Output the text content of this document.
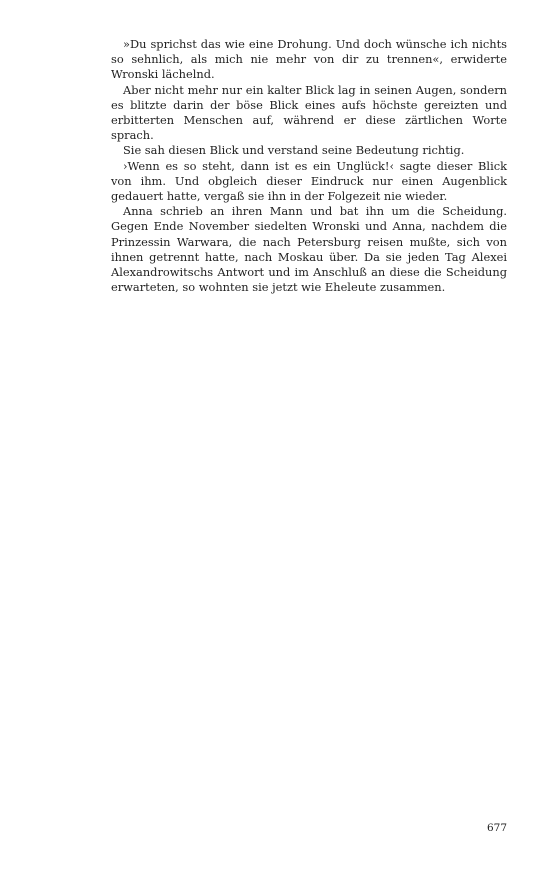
»Du sprichst das wie eine Drohung. Und doch wünsche ich nichts so sehnlich, als mich nie mehr von dir zu trennen«, erwiderte Wronski lächelnd.

Aber nicht mehr nur ein kalter Blick lag in seinen Augen, sondern es blitzte darin der böse Blick eines aufs höchste gereizten und erbitterten Menschen auf, während er diese zärtlichen Worte sprach.

Sie sah diesen Blick und verstand seine Bedeutung richtig.

›Wenn es so steht, dann ist es ein Unglück!‹ sagte dieser Blick von ihm. Und obgleich dieser Eindruck nur einen Augenblick gedauert hatte, vergaß sie ihn in der Folgezeit nie wieder.

Anna schrieb an ihren Mann und bat ihn um die Scheidung. Gegen Ende November siedelten Wronski und Anna, nachdem die Prinzessin Warwara, die nach Petersburg reisen mußte, sich von ihnen getrennt hatte, nach Moskau über. Da sie jeden Tag Alexei Alexandrowitschs Antwort und im Anschluß an diese die Scheidung erwarteten, so wohnten sie jetzt wie Eheleute zusammen.

677
